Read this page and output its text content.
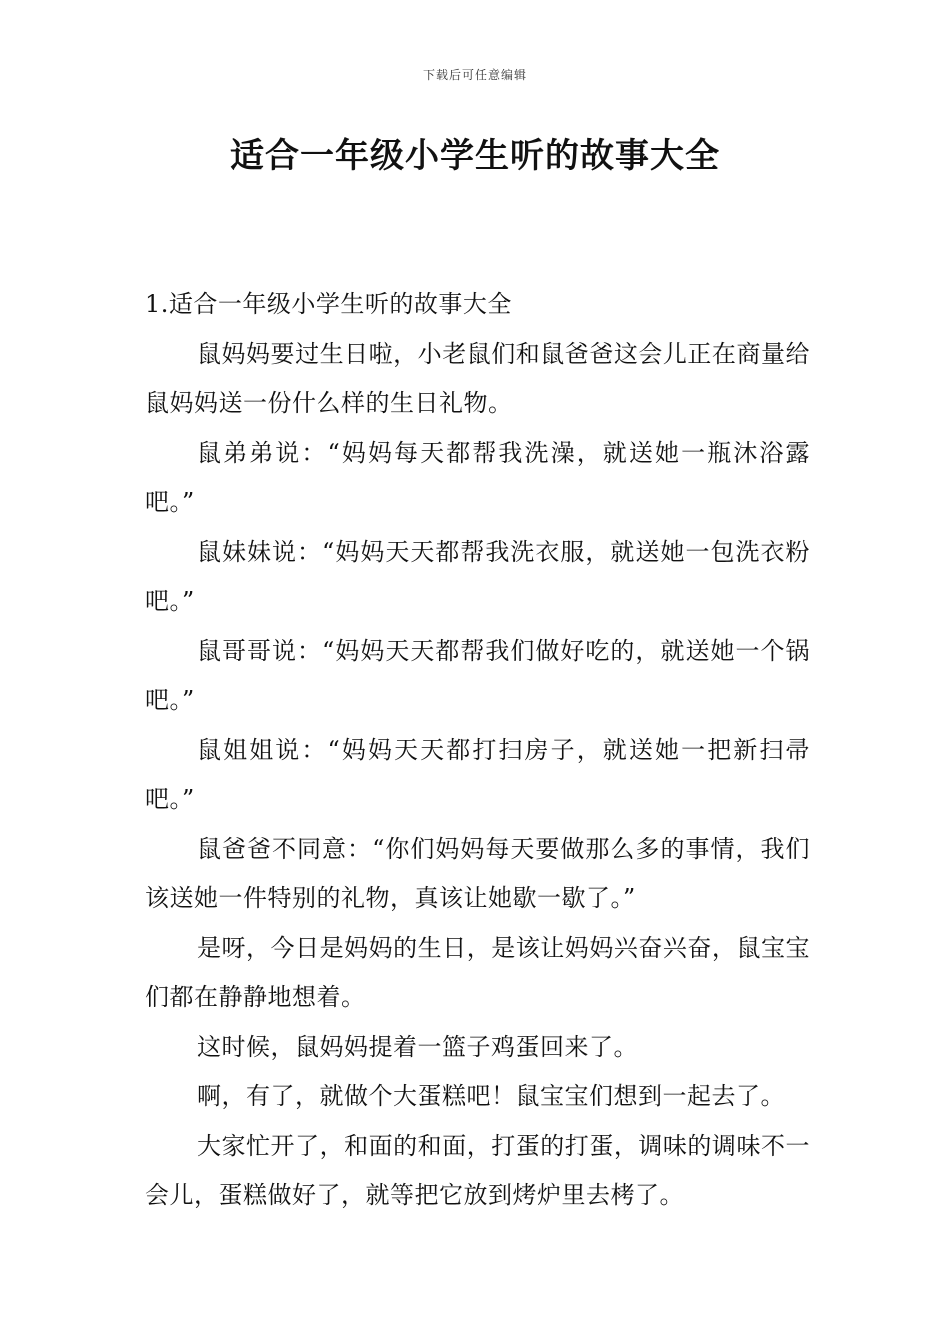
下载后可任意编辑
适合一年级小学生听的故事大全

1.适合一年级小学生听的故事大全

鼠妈妈要过生日啦，小老鼠们和鼠爸爸这会儿正在商量给鼠妈妈送一份什么样的生日礼物。

鼠弟弟说：“妈妈每天都帮我洗澡，就送她一瓶沐浴露吧。”

鼠妹妹说：“妈妈天天都帮我洗衣服，就送她一包洗衣粉吧。”

鼠哥哥说：“妈妈天天都帮我们做好吃的，就送她一个锅吧。”

鼠姐姐说：“妈妈天天都打扫房子，就送她一把新扫帚吧。”

鼠爸爸不同意：“你们妈妈每天要做那么多的事情，我们该送她一件特别的礼物，真该让她歇一歇了。”

是呀，今日是妈妈的生日，是该让妈妈兴奋兴奋，鼠宝宝们都在静静地想着。

这时候，鼠妈妈提着一篮子鸡蛋回来了。

啊，有了，就做个大蛋糕吧！鼠宝宝们想到一起去了。

大家忙开了，和面的和面，打蛋的打蛋，调味的调味不一会儿，蛋糕做好了，就等把它放到烤炉里去栲了。
